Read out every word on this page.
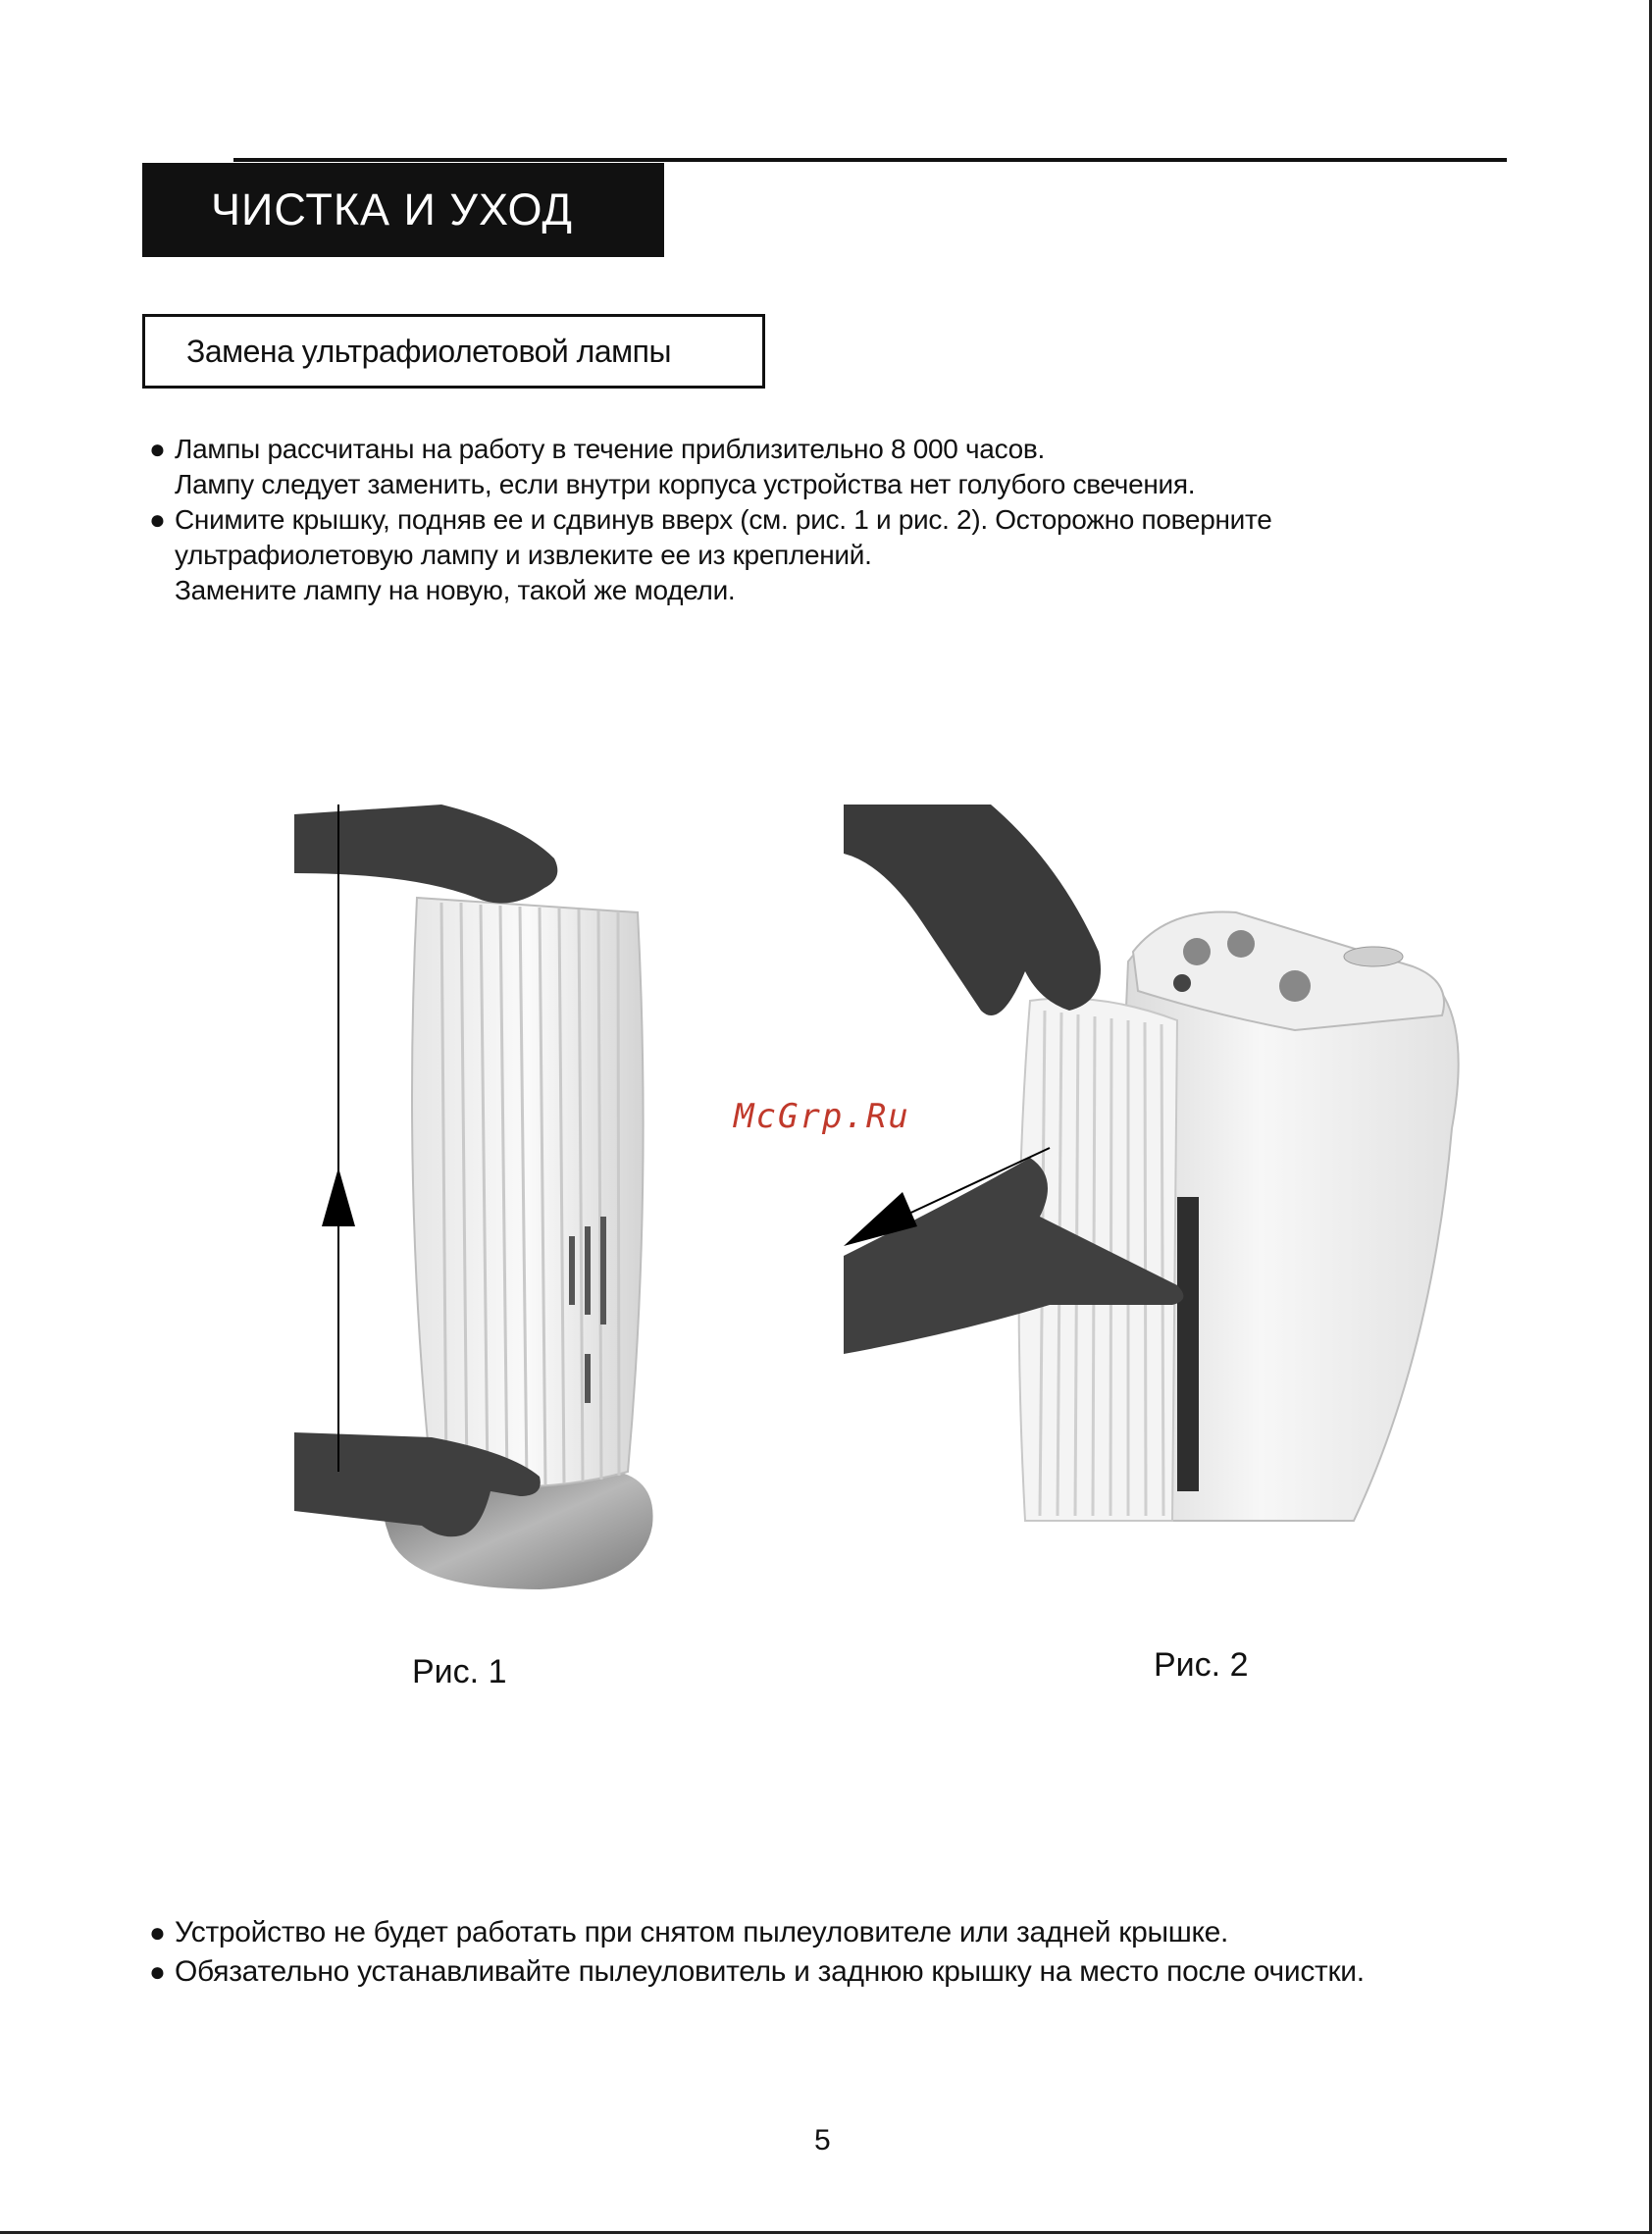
ЧИСТКА И УХОД
Замена ультрафиолетовой лампы
● Лампы рассчитаны на работу в течение приблизительно 8 000 часов.
Лампу следует заменить, если внутри корпуса устройства нет голубого свечения.
● Снимите крышку, подняв ее и сдвинув вверх (см. рис. 1 и рис. 2). Осторожно поверните
ультрафиолетовую лампу и извлеките ее из креплений.
Замените лампу на новую, такой же модели.
McGrp.Ru
Рис. 1	Рис. 2
● Устройство не будет работать при снятом пылеуловителе или задней крышке.
● Обязательно устанавливайте пылеуловитель и заднюю крышку на место после очистки.
5
